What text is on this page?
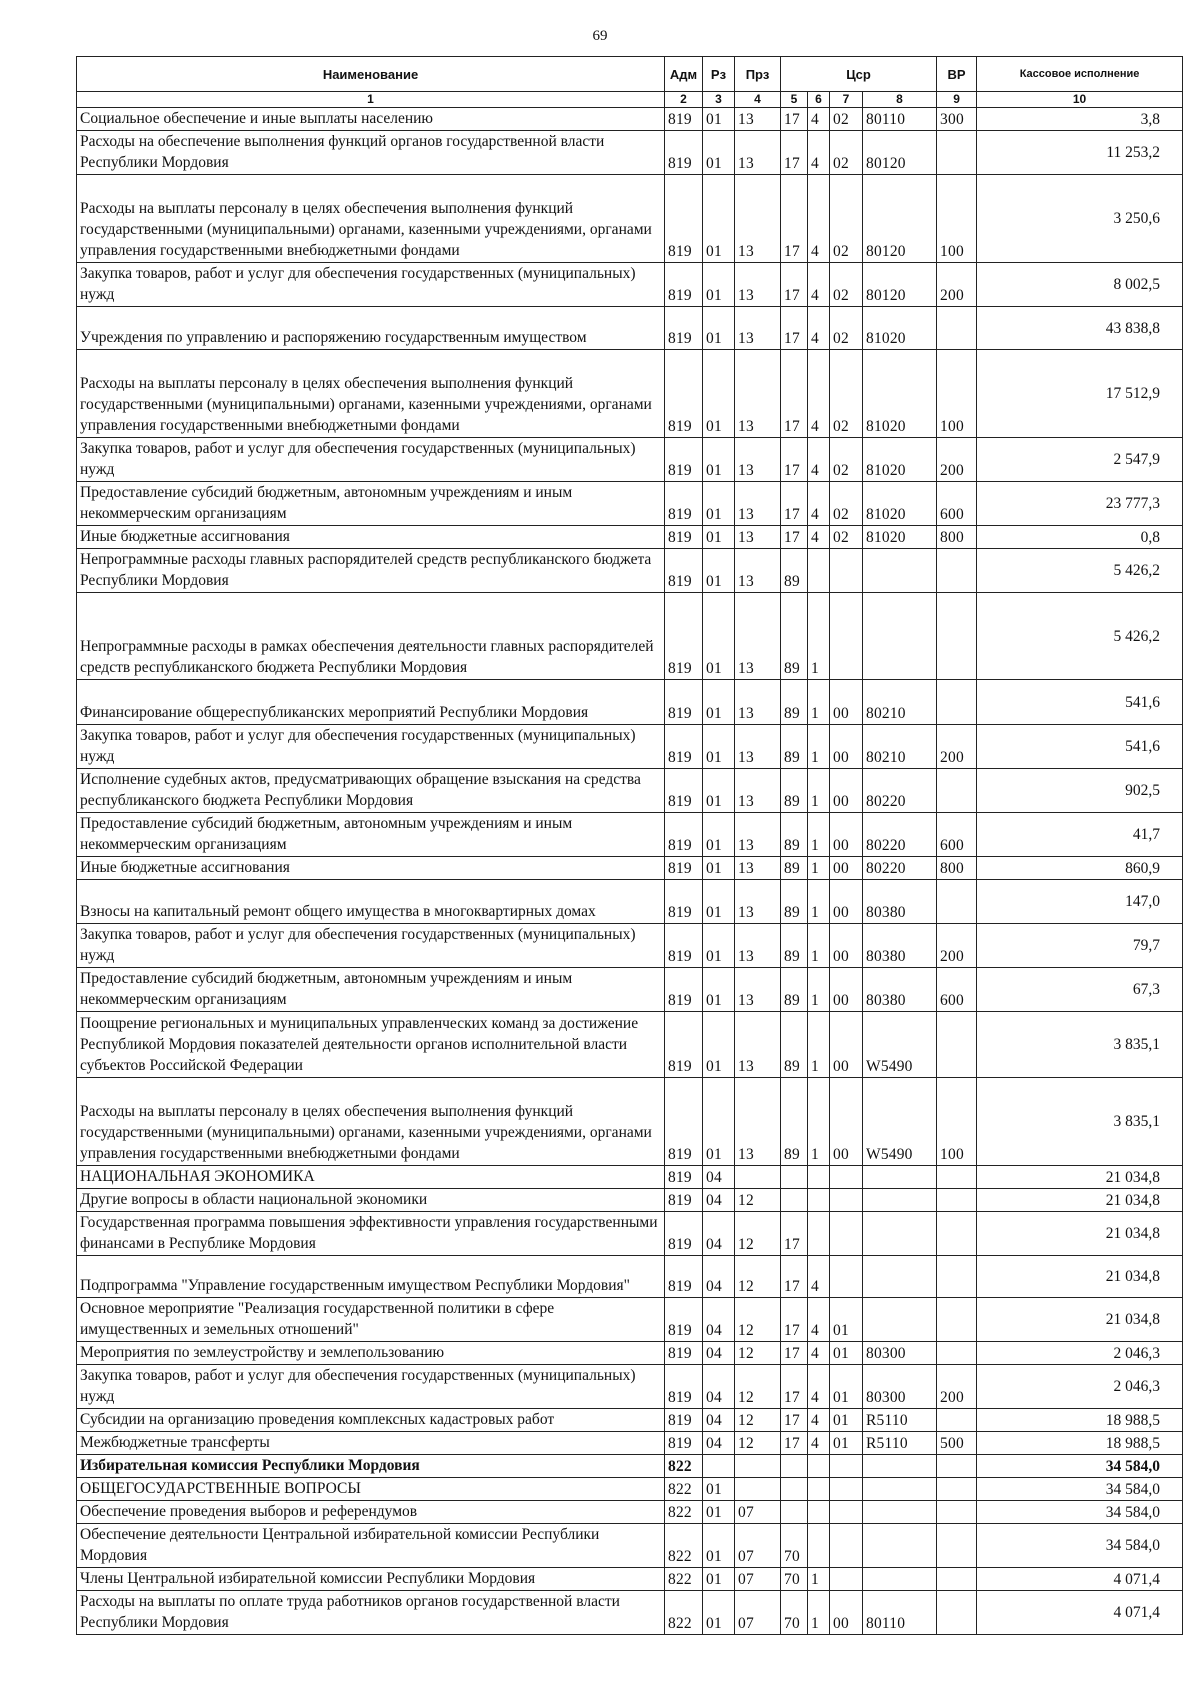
69
Наименование	Адм	Рз	Прз	Цср				ВР	Кассовое исполнение
1	2	3	4	5	6	7	8	9	10
Социальное обеспечение и иные выплаты населению	819	01	13	17	4	02	80110	300	3,8
Расходы на обеспечение выполнения функций органов государственной власти Республики Мордовия	819	01	13	17	4	02	80120		11 253,2
Расходы на выплаты персоналу в целях обеспечения выполнения функций государственными (муниципальными) органами, казенными учреждениями, органами управления государственными внебюджетными фондами	819	01	13	17	4	02	80120	100	3 250,6
Закупка товаров, работ и услуг для обеспечения государственных (муниципальных) нужд	819	01	13	17	4	02	80120	200	8 002,5
Учреждения по управлению и распоряжению государственным имуществом	819	01	13	17	4	02	81020		43 838,8
Расходы на выплаты персоналу в целях обеспечения выполнения функций государственными (муниципальными) органами, казенными учреждениями, органами управления государственными внебюджетными фондами	819	01	13	17	4	02	81020	100	17 512,9
Закупка товаров, работ и услуг для обеспечения государственных (муниципальных) нужд	819	01	13	17	4	02	81020	200	2 547,9
Предоставление субсидий бюджетным, автономным учреждениям и иным некоммерческим организациям	819	01	13	17	4	02	81020	600	23 777,3
Иные бюджетные ассигнования	819	01	13	17	4	02	81020	800	0,8
Непрограммные расходы главных распорядителей средств республиканского бюджета Республики Мордовия	819	01	13	89					5 426,2
Непрограммные расходы в рамках обеспечения деятельности главных распорядителей средств республиканского бюджета Республики Мордовия	819	01	13	89	1				5 426,2
Финансирование общереспубликанских мероприятий Республики Мордовия	819	01	13	89	1	00	80210		541,6
Закупка товаров, работ и услуг для обеспечения государственных (муниципальных) нужд	819	01	13	89	1	00	80210	200	541,6
Исполнение судебных актов, предусматривающих обращение взыскания на средства республиканского бюджета Республики Мордовия	819	01	13	89	1	00	80220		902,5
Предоставление субсидий бюджетным, автономным учреждениям и иным некоммерческим организациям	819	01	13	89	1	00	80220	600	41,7
Иные бюджетные ассигнования	819	01	13	89	1	00	80220	800	860,9
Взносы на капитальный ремонт общего имущества в многоквартирных домах	819	01	13	89	1	00	80380		147,0
Закупка товаров, работ и услуг для обеспечения государственных (муниципальных) нужд	819	01	13	89	1	00	80380	200	79,7
Предоставление субсидий бюджетным, автономным учреждениям и иным некоммерческим организациям	819	01	13	89	1	00	80380	600	67,3
Поощрение региональных и муниципальных управленческих команд за достижение Республикой Мордовия показателей деятельности органов исполнительной власти субъектов Российской Федерации	819	01	13	89	1	00	W5490		3 835,1
Расходы на выплаты персоналу в целях обеспечения выполнения функций государственными (муниципальными) органами, казенными учреждениями, органами управления государственными внебюджетными фондами	819	01	13	89	1	00	W5490	100	3 835,1
НАЦИОНАЛЬНАЯ ЭКОНОМИКА	819	04							21 034,8
Другие вопросы в области национальной экономики	819	04	12						21 034,8
Государственная программа повышения эффективности управления государственными финансами в Республике Мордовия	819	04	12	17					21 034,8
Подпрограмма "Управление государственным имуществом Республики Мордовия"	819	04	12	17	4				21 034,8
Основное мероприятие "Реализация государственной политики в сфере имущественных и земельных отношений"	819	04	12	17	4	01			21 034,8
Мероприятия по землеустройству и землепользованию	819	04	12	17	4	01	80300		2 046,3
Закупка товаров, работ и услуг для обеспечения государственных (муниципальных) нужд	819	04	12	17	4	01	80300	200	2 046,3
Субсидии на организацию проведения комплексных кадастровых работ	819	04	12	17	4	01	R5110		18 988,5
Межбюджетные трансферты	819	04	12	17	4	01	R5110	500	18 988,5
Избирательная комиссия Республики Мордовия	822								34 584,0
ОБЩЕГОСУДАРСТВЕННЫЕ ВОПРОСЫ	822	01							34 584,0
Обеспечение проведения выборов и референдумов	822	01	07						34 584,0
Обеспечение деятельности Центральной избирательной комиссии Республики Мордовия	822	01	07	70					34 584,0
Члены Центральной избирательной комиссии Республики Мордовия	822	01	07	70	1				4 071,4
Расходы на выплаты по оплате труда работников органов государственной власти Республики Мордовия	822	01	07	70	1	00	80110		4 071,4
